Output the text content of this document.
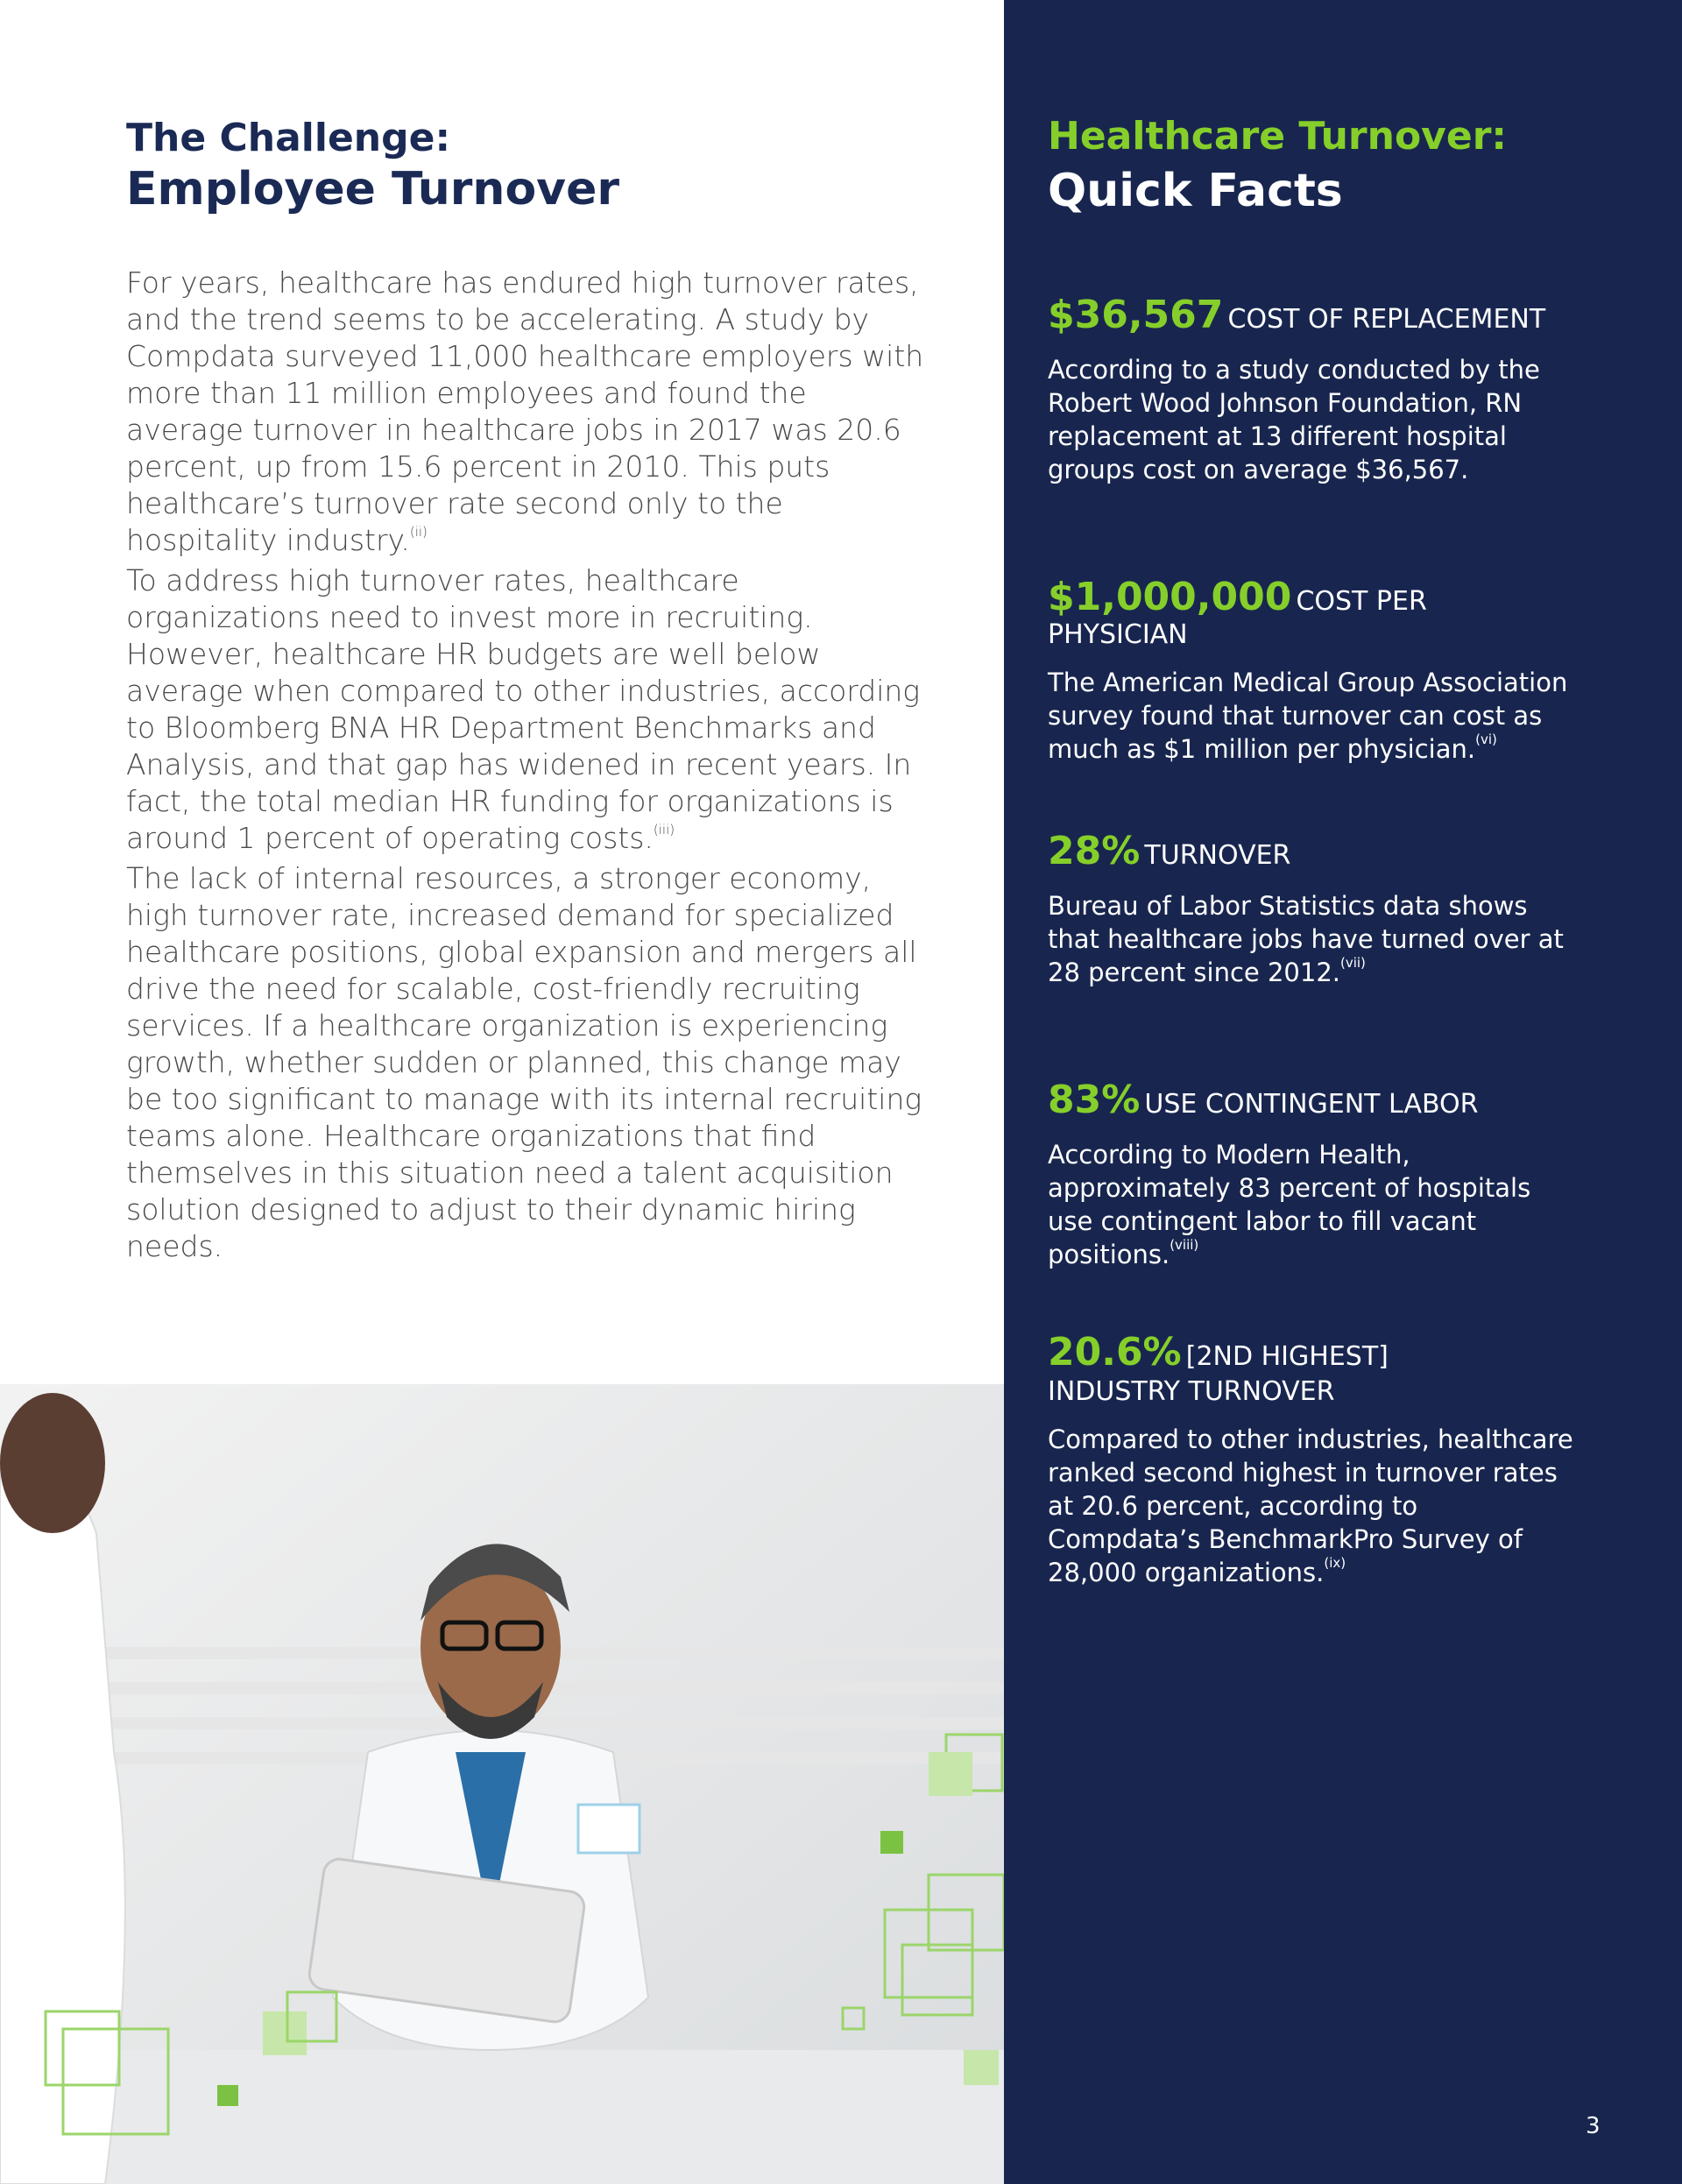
The Challenge:
Employee Turnover

For years, healthcare has endured high turnover rates, and the trend seems to be accelerating. A study by Compdata surveyed 11,000 healthcare employers with more than 11 million employees and found the average turnover in healthcare jobs in 2017 was 20.6 percent, up from 15.6 percent in 2010. This puts healthcare’s turnover rate second only to the hospitality industry.$^{(ii)}$

To address high turnover rates, healthcare organizations need to invest more in recruiting. However, healthcare HR budgets are well below average when compared to other industries, according to Bloomberg BNA HR Department Benchmarks and Analysis, and that gap has widened in recent years. In fact, the total median HR funding for organizations is around 1 percent of operating costs.$^{(iii)}$

The lack of internal resources, a stronger economy, high turnover rate, increased demand for specialized healthcare positions, global expansion and mergers all drive the need for scalable, cost-friendly recruiting services. If a healthcare organization is experiencing growth, whether sudden or planned, this change may be too significant to manage with its internal recruiting teams alone. Healthcare organizations that find themselves in this situation need a talent acquisition solution designed to adjust to their dynamic hiring needs.

Healthcare Turnover:
Quick Facts

$36,567 COST OF REPLACEMENT

According to a study conducted by the Robert Wood Johnson Foundation, RN replacement at 13 different hospital groups cost on average $36,567.

$1,000,000 COST PER PHYSICIAN

The American Medical Group Association survey found that turnover can cost as much as $1 million per physician.$^{(vi)}$

28% TURNOVER

Bureau of Labor Statistics data shows that healthcare jobs have turned over at 28 percent since 2012.$^{(vii)}$

83% USE CONTINGENT LABOR

According to Modern Health, approximately 83 percent of hospitals use contingent labor to fill vacant positions.$^{(viii)}$

20.6% [2ND HIGHEST]
INDUSTRY TURNOVER

Compared to other industries, healthcare ranked second highest in turnover rates at 20.6 percent, according to Compdata’s BenchmarkPro Survey of 28,000 organizations.$^{(ix)}$

3
